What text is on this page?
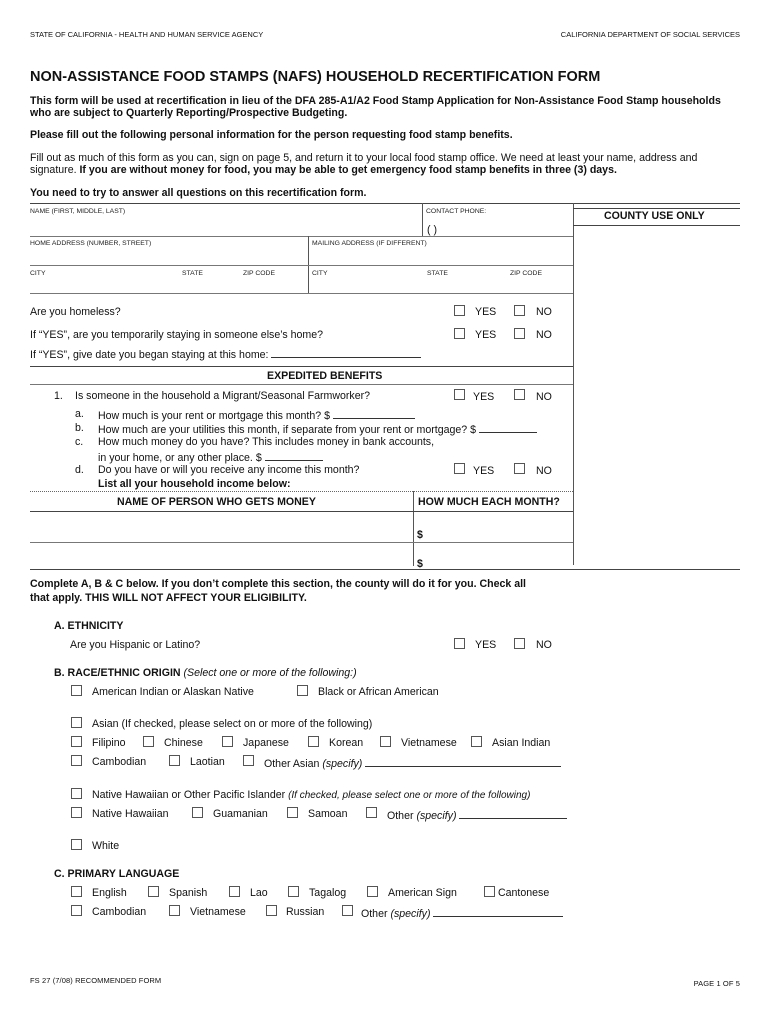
STATE OF CALIFORNIA - HEALTH AND HUMAN SERVICE AGENCY	CALIFORNIA DEPARTMENT OF SOCIAL SERVICES
NON-ASSISTANCE FOOD STAMPS (NAFS) HOUSEHOLD RECERTIFICATION FORM
This form will be used at recertification in lieu of the DFA 285-A1/A2 Food Stamp Application for Non-Assistance Food Stamp households who are subject to Quarterly Reporting/Prospective Budgeting.
Please fill out the following personal information for the person requesting food stamp benefits.
Fill out as much of this form as you can, sign on page 5, and return it to your local food stamp office. We need at least your name, address and signature. If you are without money for food, you may be able to get emergency food stamp benefits in three (3) days.
You need to try to answer all questions on this recertification form.
NAME (FIRST, MIDDLE, LAST)	CONTACT PHONE:
( )
COUNTY USE ONLY
HOME ADDRESS (NUMBER, STREET)	MAILING ADDRESS (IF DIFFERENT)
CITY	STATE	ZIP CODE	CITY	STATE	ZIP CODE
Are you homeless?	YES	NO
If “YES”, are you temporarily staying in someone else’s home?	YES	NO
If “YES”, give date you began staying at this home:
EXPEDITED BENEFITS
1. Is someone in the household a Migrant/Seasonal Farmworker?	YES	NO
a. How much is your rent or mortgage this month? $
b. How much are your utilities this month, if separate from your rent or mortgage? $
c. How much money do you have? This includes money in bank accounts,
in your home, or any other place. $
d. Do you have or will you receive any income this month?	YES	NO
List all your household income below:
NAME OF PERSON WHO GETS MONEY	HOW MUCH EACH MONTH?
$
$
Complete A, B & C below. If you don’t complete this section, the county will do it for you. Check all
that apply. THIS WILL NOT AFFECT YOUR ELIGIBILITY.
A. ETHNICITY
Are you Hispanic or Latino?	YES	NO
B. RACE/ETHNIC ORIGIN (Select one or more of the following:)
American Indian or Alaskan Native	Black or African American
Asian (If checked, please select on or more of the following)
Filipino	Chinese	Japanese	Korean	Vietnamese	Asian Indian
Cambodian	Laotian	Other Asian (specify)
Native Hawaiian or Other Pacific Islander (If checked, please select one or more of the following)
Native Hawaiian	Guamanian	Samoan	Other (specify)
White
C. PRIMARY LANGUAGE
English	Spanish	Lao	Tagalog	American Sign	Cantonese
Cambodian	Vietnamese	Russian	Other (specify)
FS 27 (7/08) RECOMMENDED FORM	PAGE 1 OF 5
